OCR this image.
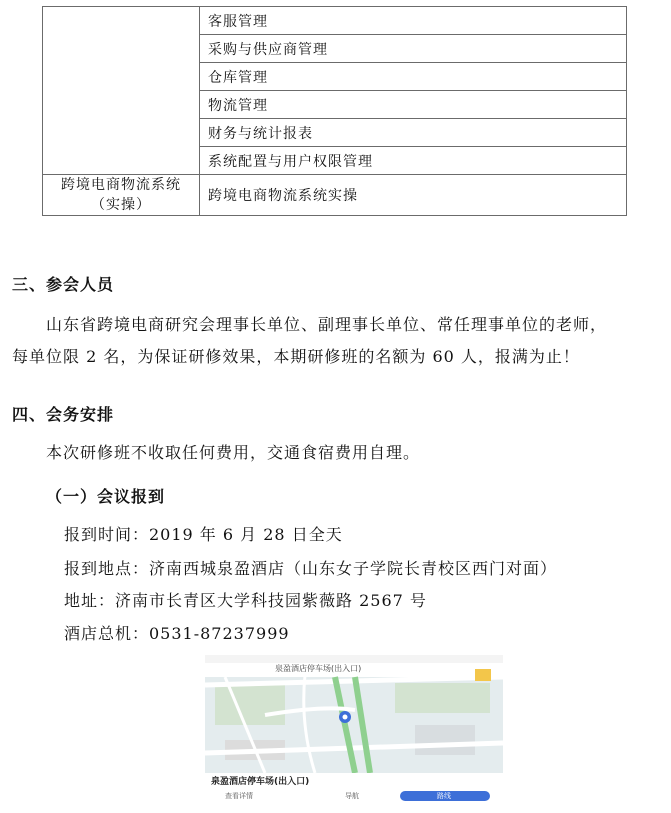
	客服管理
	采购与供应商管理
	仓库管理
	物流管理
	财务与统计报表
	系统配置与用户权限管理

跨境电商物流系统
（实操）	跨境电商物流系统实操
三、参会人员
山东省跨境电商研究会理事长单位、副理事长单位、常任理事单位的老师，
每单位限 2 名，为保证研修效果，本期研修班的名额为 60 人，报满为止！
四、会务安排
本次研修班不收取任何费用，交通食宿费用自理。
（一）会议报到
报到时间：2019 年 6 月 28 日全天
报到地点：济南西城泉盈酒店（山东女子学院长青校区西门对面）
地址：济南市长青区大学科技园紫薇路 2567 号
酒店总机：0531-87237999
泉盈酒店停车场(出入口)
泉盈酒店停车场(出入口)
查看详情	导航	路线
